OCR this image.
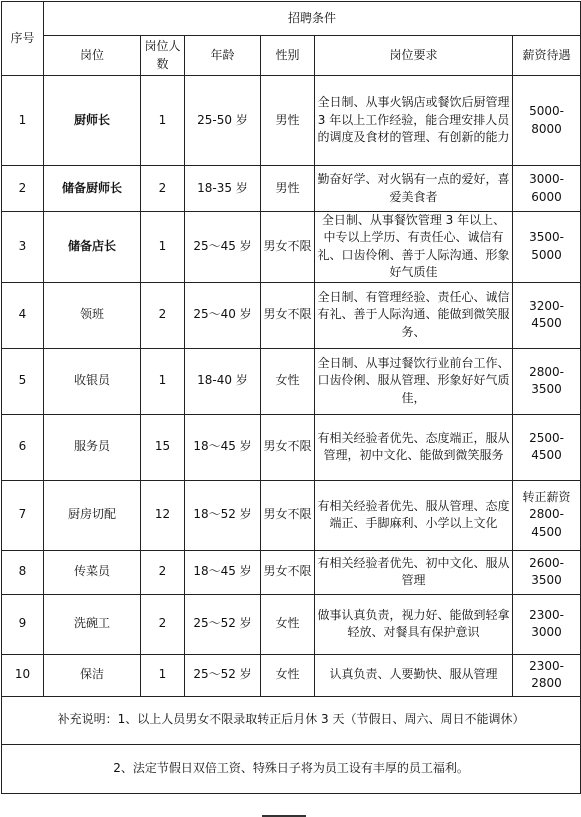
序号	招聘条件					
	岗位	岗位人数	年龄	性别	岗位要求	薪资待遇
1	厨师长	1	25-50 岁	男性	全日制、从事火锅店或餐饮后厨管理 3 年以上工作经验，能合理安排人员的调度及食材的管理、有创新的能力	5000-8000
2	储备厨师长	2	18-35 岁	男性	勤奋好学、对火锅有一点的爱好，喜爱美食者	3000-6000
3	储备店长	1	25～45 岁	男女不限	全日制、从事餐饮管理 3 年以上、中专以上学历、有责任心、诚信有礼、口齿伶俐、善于人际沟通、形象好气质佳	3500-5000
4	领班	2	25～40 岁	男女不限	全日制、有管理经验、责任心、诚信有礼、善于人际沟通、能做到微笑服务、	3200-4500
5	收银员	1	18-40 岁	女性	全日制、从事过餐饮行业前台工作、口齿伶俐、服从管理、形象好好气质佳，	2800-3500
6	服务员	15	18～45 岁	男女不限	有相关经验者优先、态度端正，服从管理，初中文化、能做到微笑服务	2500-4500
7	厨房切配	12	18～52 岁	男女不限	有相关经验者优先、服从管理、态度端正、手脚麻利、小学以上文化	转正薪资 2800-4500
8	传菜员	2	18～45 岁	男女不限	有相关经验者优先、初中文化、服从管理	2600-3500
9	洗碗工	2	25～52 岁	女性	做事认真负责，视力好、能做到轻拿轻放、对餐具有保护意识	2300-3000
10	保洁	1	25～52 岁	女性	认真负责、人要勤快、服从管理	2300-2800
补充说明：1、以上人员男女不限录取转正后月休 3 天（节假日、周六、周日不能调休）						
2、法定节假日双倍工资、特殊日子将为员工设有丰厚的员工福利。						
